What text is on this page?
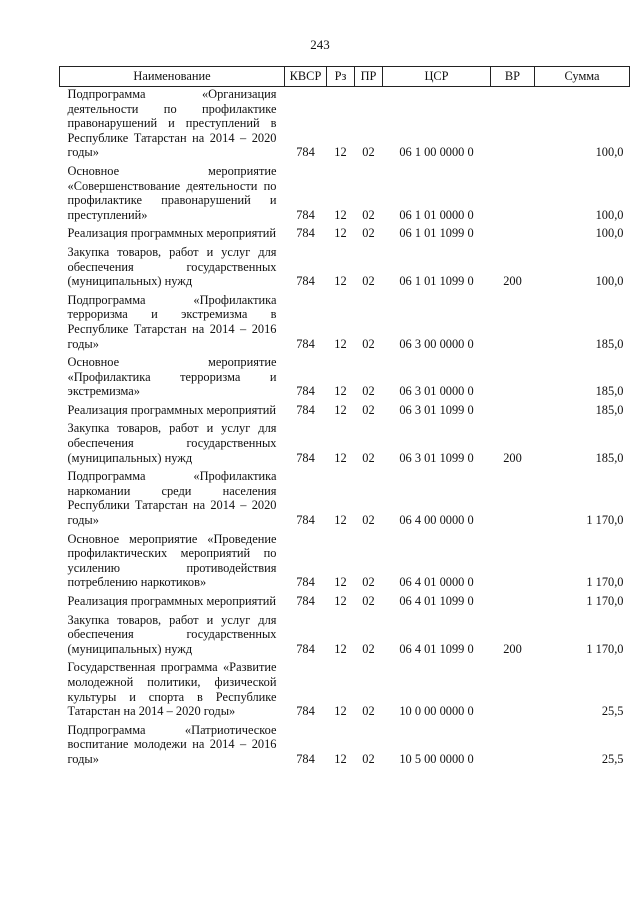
243
Наименование	КВСР	Рз	ПР	ЦСР	ВР	Сумма
Подпрограмма «Организация деятельности по профилактике правонарушений и преступлений в Республике Татарстан на 2014 – 2020 годы»	784	12	02	06 1 00 0000 0		100,0
Основное мероприятие «Совершенствование деятельности по профилактике правонарушений и преступлений»	784	12	02	06 1 01 0000 0		100,0
Реализация программных мероприятий	784	12	02	06 1 01 1099 0		100,0
Закупка товаров, работ и услуг для обеспечения государственных (муниципальных) нужд	784	12	02	06 1 01 1099 0	200	100,0
Подпрограмма «Профилактика терроризма и экстремизма в Республике Татарстан на 2014 – 2016 годы»	784	12	02	06 3 00 0000 0		185,0
Основное мероприятие «Профилактика терроризма и экстремизма»	784	12	02	06 3 01 0000 0		185,0
Реализация программных мероприятий	784	12	02	06 3 01 1099 0		185,0
Закупка товаров, работ и услуг для обеспечения государственных (муниципальных) нужд	784	12	02	06 3 01 1099 0	200	185,0
Подпрограмма «Профилактика наркомании среди населения Республики Татарстан на 2014 – 2020 годы»	784	12	02	06 4 00 0000 0		1 170,0
Основное мероприятие «Проведение профилактических мероприятий по усилению противодействия потреблению наркотиков»	784	12	02	06 4 01 0000 0		1 170,0
Реализация программных мероприятий	784	12	02	06 4 01 1099 0		1 170,0
Закупка товаров, работ и услуг для обеспечения государственных (муниципальных) нужд	784	12	02	06 4 01 1099 0	200	1 170,0
Государственная программа «Развитие молодежной политики, физической культуры и спорта в Республике Татарстан на 2014 – 2020 годы»	784	12	02	10 0 00 0000 0		25,5
Подпрограмма «Патриотическое воспитание молодежи на 2014 – 2016 годы»	784	12	02	10 5 00 0000 0		25,5
